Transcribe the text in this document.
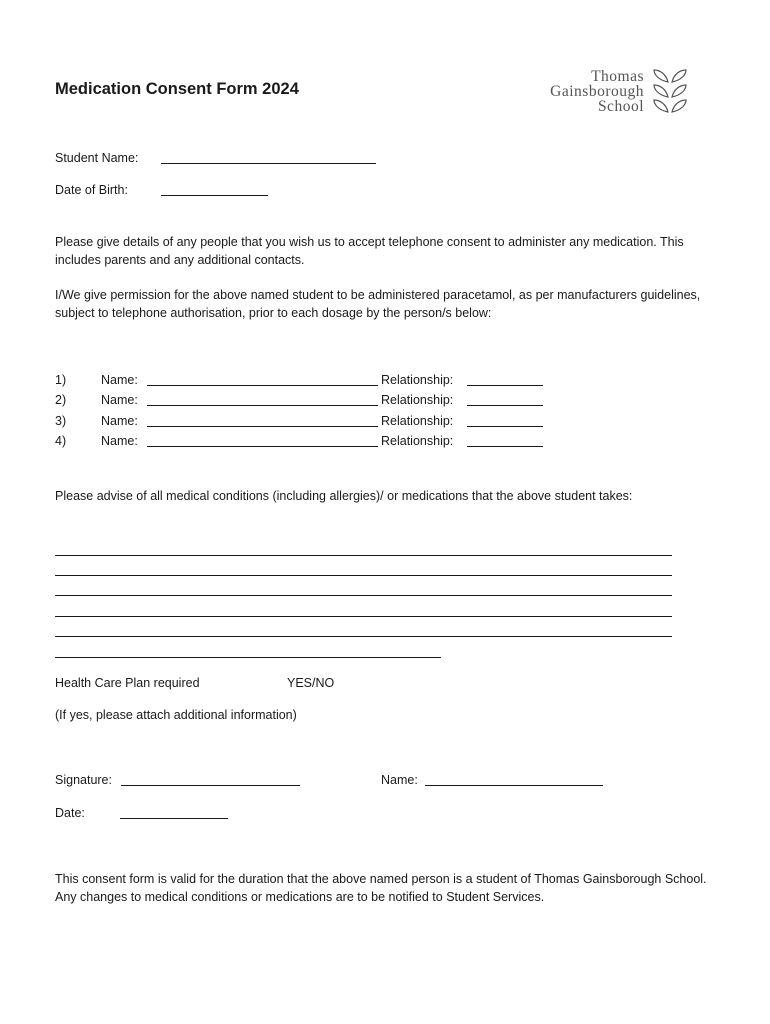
Medication Consent Form 2024
Thomas
Gainsborough
School
Student Name:
Date of Birth:
Please give details of any people that you wish us to accept telephone consent to administer any medication. This includes parents and any additional contacts.
I/We give permission for the above named student to be administered paracetamol, as per manufacturers guidelines, subject to telephone authorisation, prior to each dosage by the person/s below:
1)	Name:	Relationship:
2)	Name:	Relationship:
3)	Name:	Relationship:
4)	Name:	Relationship:
Please advise of all medical conditions (including allergies)/ or medications that the above student takes:
Health Care Plan required	YES/NO
(If yes, please attach additional information)
Signature:	Name:
Date:
This consent form is valid for the duration that the above named person is a student of Thomas Gainsborough School. Any changes to medical conditions or medications are to be notified to Student Services.
